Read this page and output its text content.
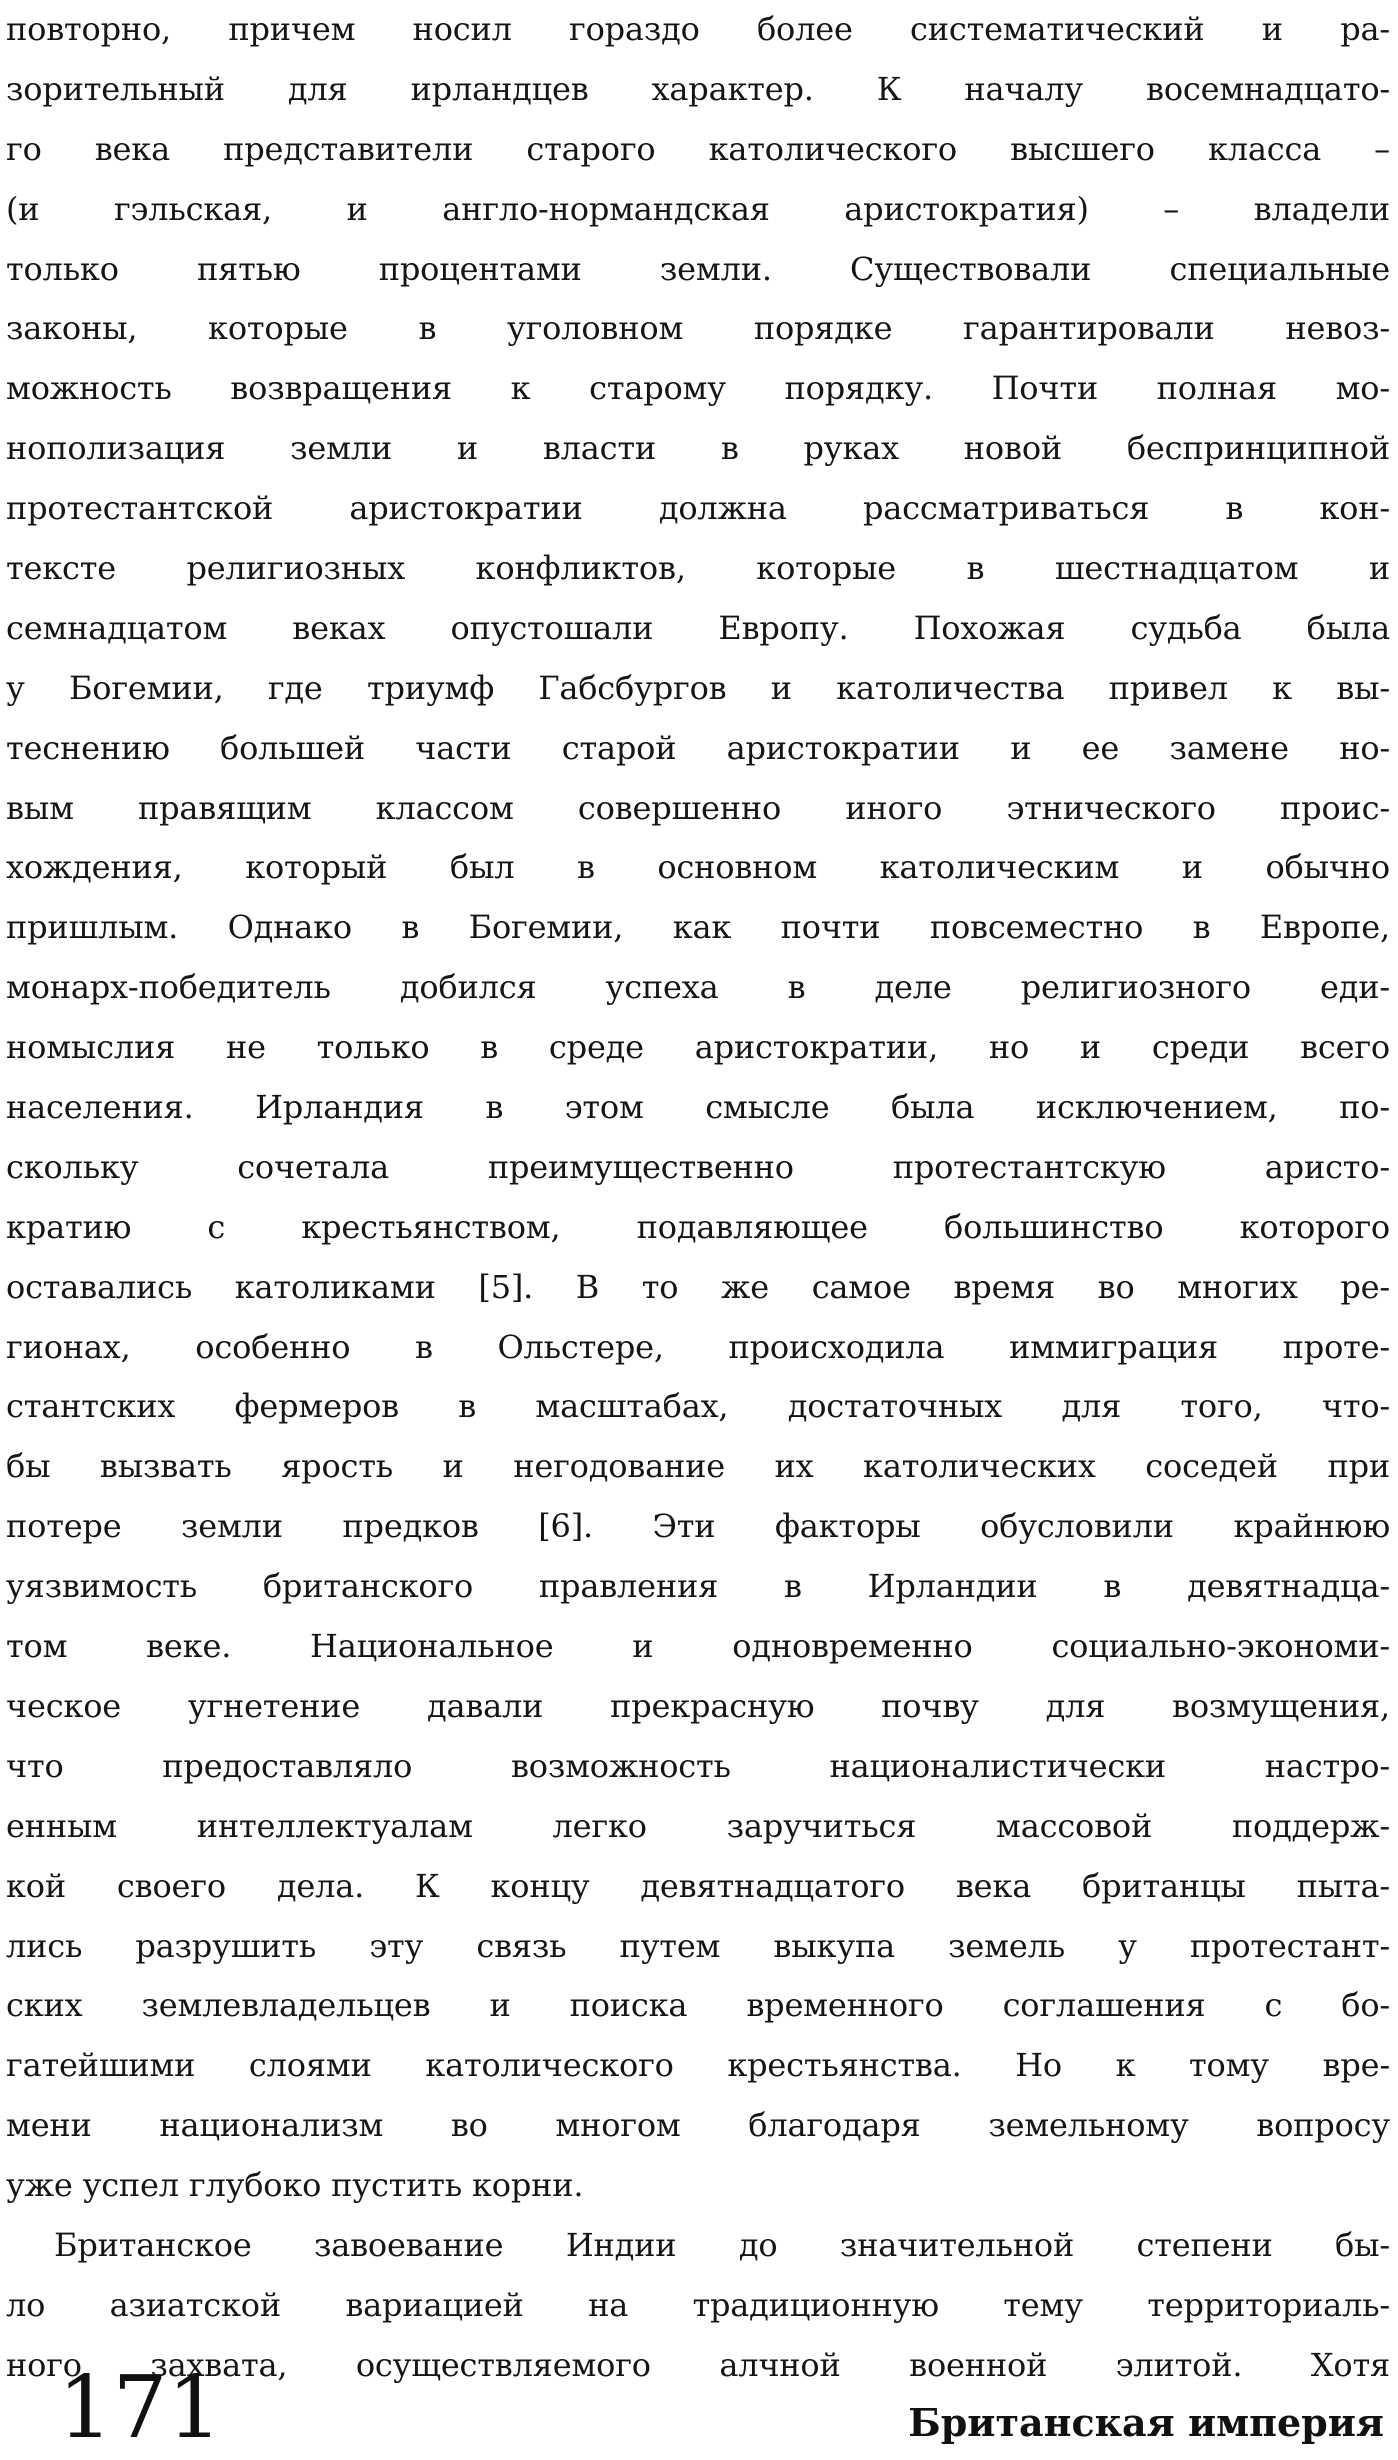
повторно, причем носил гораздо более систематический и ра-
зорительный для ирландцев характер. К началу восемнадцато-
го века представители старого католического высшего класса –
(и гэльская, и англо-нормандская аристократия) – владели
только пятью процентами земли. Существовали специальные
законы, которые в уголовном порядке гарантировали невоз-
можность возвращения к старому порядку. Почти полная мо-
нополизация земли и власти в руках новой беспринципной
протестантской аристократии должна рассматриваться в кон-
тексте религиозных конфликтов, которые в шестнадцатом и
семнадцатом веках опустошали Европу. Похожая судьба была
у Богемии, где триумф Габсбургов и католичества привел к вы-
теснению большей части старой аристократии и ее замене но-
вым правящим классом совершенно иного этнического проис-
хождения, который был в основном католическим и обычно
пришлым. Однако в Богемии, как почти повсеместно в Европе,
монарх-победитель добился успеха в деле религиозного еди-
номыслия не только в среде аристократии, но и среди всего
населения. Ирландия в этом смысле была исключением, по-
скольку сочетала преимущественно протестантскую аристо-
кратию с крестьянством, подавляющее большинство которого
оставались католиками [5]. В то же самое время во многих ре-
гионах, особенно в Ольстере, происходила иммиграция проте-
стантских фермеров в масштабах, достаточных для того, что-
бы вызвать ярость и негодование их католических соседей при
потере земли предков [6]. Эти факторы обусловили крайнюю
уязвимость британского правления в Ирландии в девятнадца-
том веке. Национальное и одновременно социально-экономи-
ческое угнетение давали прекрасную почву для возмущения,
что предоставляло возможность националистически настро-
енным интеллектуалам легко заручиться массовой поддерж-
кой своего дела. К концу девятнадцатого века британцы пыта-
лись разрушить эту связь путем выкупа земель у протестант-
ских землевладельцев и поиска временного соглашения с бо-
гатейшими слоями католического крестьянства. Но к тому вре-
мени национализм во многом благодаря земельному вопросу
уже успел глубоко пустить корни.
Британское завоевание Индии до значительной степени бы-
ло азиатской вариацией на традиционную тему территориаль-
ного захвата, осуществляемого алчной военной элитой. Хотя
171	Британская империя
